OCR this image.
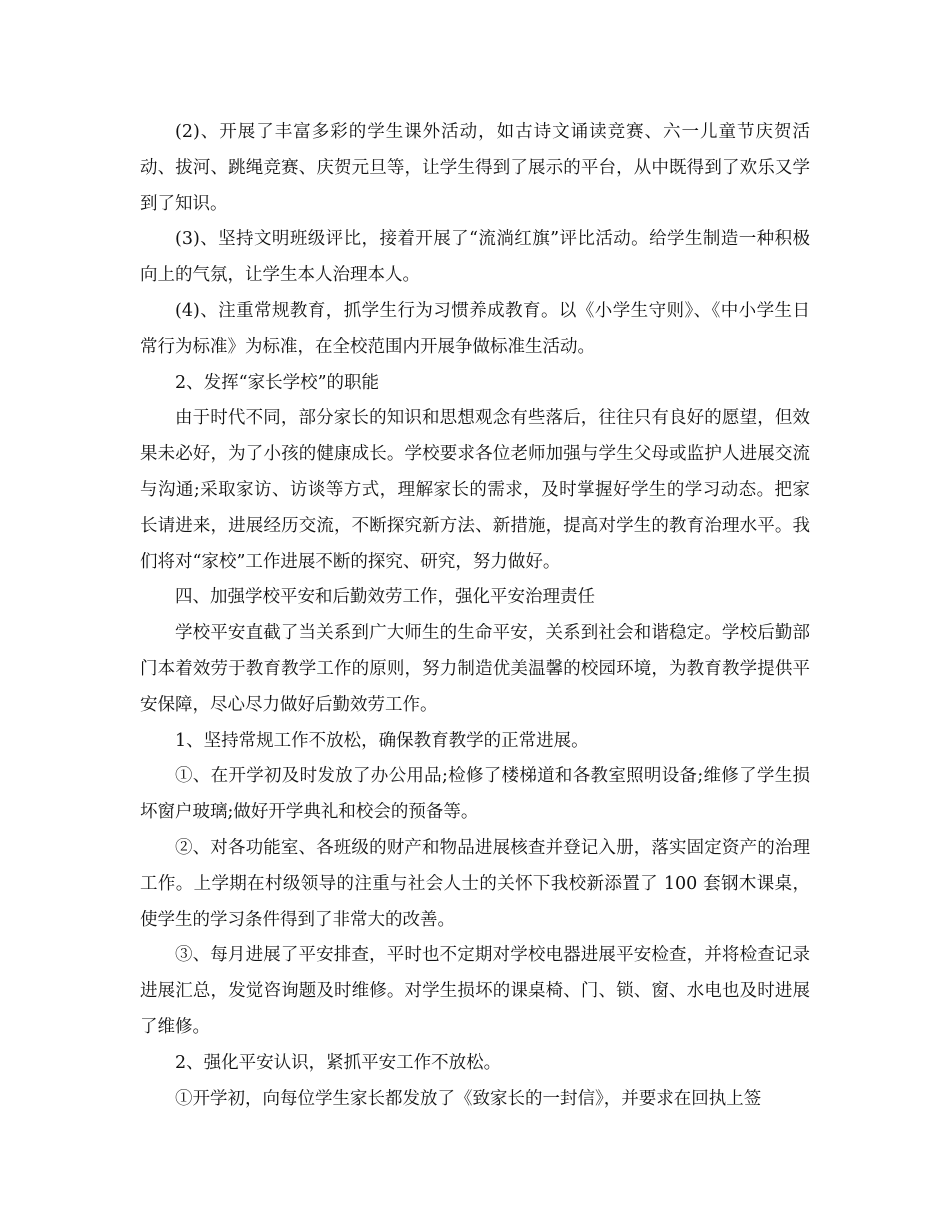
(2)、开展了丰富多彩的学生课外活动，如古诗文诵读竞赛、六一儿童节庆贺活动、拔河、跳绳竞赛、庆贺元旦等，让学生得到了展示的平台，从中既得到了欢乐又学到了知识。

(3)、坚持文明班级评比，接着开展了“流淌红旗”评比活动。给学生制造一种积极向上的气氛，让学生本人治理本人。

(4)、注重常规教育，抓学生行为习惯养成教育。以《小学生守则》、《中小学生日常行为标准》为标准，在全校范围内开展争做标准生活动。

2、发挥“家长学校”的职能

由于时代不同，部分家长的知识和思想观念有些落后，往往只有良好的愿望，但效果未必好，为了小孩的健康成长。学校要求各位老师加强与学生父母或监护人进展交流与沟通;采取家访、访谈等方式，理解家长的需求，及时掌握好学生的学习动态。把家长请进来，进展经历交流，不断探究新方法、新措施，提高对学生的教育治理水平。我们将对“家校”工作进展不断的探究、研究，努力做好。

四、加强学校平安和后勤效劳工作，强化平安治理责任

学校平安直截了当关系到广大师生的生命平安，关系到社会和谐稳定。学校后勤部门本着效劳于教育教学工作的原则，努力制造优美温馨的校园环境，为教育教学提供平安保障，尽心尽力做好后勤效劳工作。

1、坚持常规工作不放松，确保教育教学的正常进展。

①、在开学初及时发放了办公用品;检修了楼梯道和各教室照明设备;维修了学生损坏窗户玻璃;做好开学典礼和校会的预备等。

②、对各功能室、各班级的财产和物品进展核查并登记入册，落实固定资产的治理工作。上学期在村级领导的注重与社会人士的关怀下我校新添置了 100 套钢木课桌，使学生的学习条件得到了非常大的改善。

③、每月进展了平安排查，平时也不定期对学校电器进展平安检查，并将检查记录进展汇总，发觉咨询题及时维修。对学生损坏的课桌椅、门、锁、窗、水电也及时进展了维修。

2、强化平安认识，紧抓平安工作不放松。

①开学初，向每位学生家长都发放了《致家长的一封信》，并要求在回执上签
